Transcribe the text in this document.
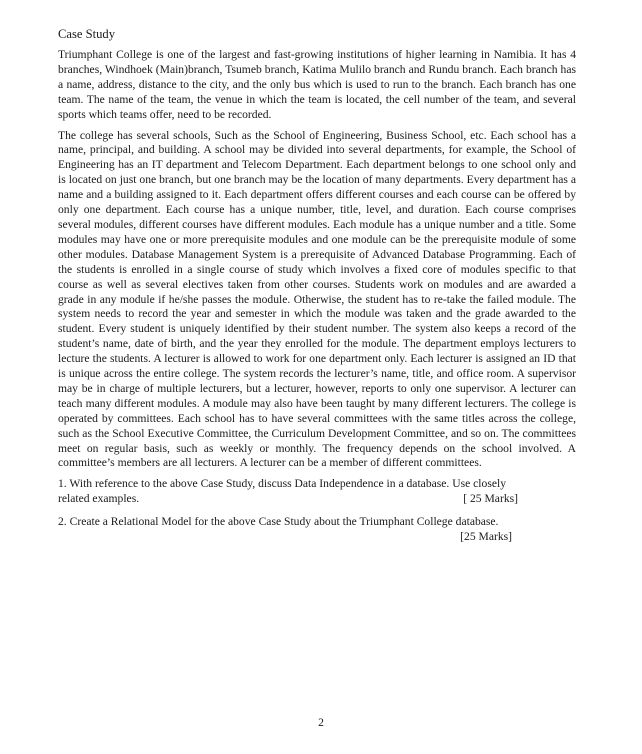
Case Study

Triumphant College is one of the largest and fast-growing institutions of higher learning in Namibia. It has 4 branches, Windhoek (Main)branch, Tsumeb branch, Katima Mulilo branch and Rundu branch. Each branch has a name, address, distance to the city, and the only bus which is used to run to the branch. Each branch has one team. The name of the team, the venue in which the team is located, the cell number of the team, and several sports which teams offer, need to be recorded.

The college has several schools, Such as the School of Engineering, Business School, etc. Each school has a name, principal, and building. A school may be divided into several departments, for example, the School of Engineering has an IT department and Telecom Department. Each department belongs to one school only and is located on just one branch, but one branch may be the location of many departments. Every department has a name and a building assigned to it. Each department offers different courses and each course can be offered by only one department. Each course has a unique number, title, level, and duration. Each course comprises several modules, different courses have different modules. Each module has a unique number and a title. Some modules may have one or more prerequisite modules and one module can be the prerequisite module of some other modules. Database Management System is a prerequisite of Advanced Database Programming. Each of the students is enrolled in a single course of study which involves a fixed core of modules specific to that course as well as several electives taken from other courses. Students work on modules and are awarded a grade in any module if he/she passes the module. Otherwise, the student has to re-take the failed module. The system needs to record the year and semester in which the module was taken and the grade awarded to the student. Every student is uniquely identified by their student number. The system also keeps a record of the student’s name, date of birth, and the year they enrolled for the module. The department employs lecturers to lecture the students. A lecturer is allowed to work for one department only. Each lecturer is assigned an ID that is unique across the entire college. The system records the lecturer’s name, title, and office room. A supervisor may be in charge of multiple lecturers, but a lecturer, however, reports to only one supervisor. A lecturer can teach many different modules. A module may also have been taught by many different lecturers. The college is operated by committees. Each school has to have several committees with the same titles across the college, such as the School Executive Committee, the Curriculum Development Committee, and so on. The committees meet on regular basis, such as weekly or monthly. The frequency depends on the school involved. A committee’s members are all lecturers. A lecturer can be a member of different committees.

1. With reference to the above Case Study, discuss Data Independence in a database. Use closely
related examples.	[ 25 Marks]
2. Create a Relational Model for the above Case Study about the Triumphant College database.
[25 Marks]
2
